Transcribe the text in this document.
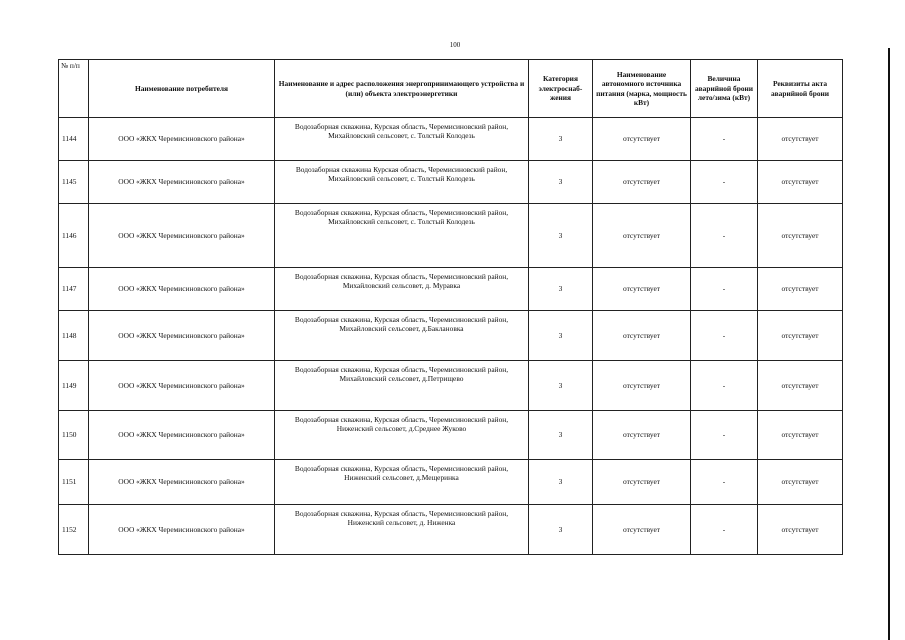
100
№ п/п	Наименование потребителя	Наименование и адрес расположения энергопринимающего устройства и (или) объекта электроэнергетики	Категория электроснаб-жения	Наименование автономного источника питания (марка, мощность кВт)	Величина аварийной брони лето/зима (кВт)	Реквизиты акта аварийной брони
1144	ООО «ЖКХ Черемисиновского района»	Водозаборная скважина, Курская область, Черемисиновский район, Михайловский сельсовет, с. Толстый Колодезь	3	отсутствует	-	отсутствует
1145	ООО «ЖКХ Черемисиновского района»	Водозаборная скважина Курская область, Черемисиновский район, Михайловский сельсовет, с. Толстый Колодезь	3	отсутствует	-	отсутствует
1146	ООО «ЖКХ Черемисиновского района»	Водозаборная скважина, Курская область, Черемисиновский район, Михайловский сельсовет, с. Толстый Колодезь	3	отсутствует	-	отсутствует
1147	ООО «ЖКХ Черемисиновского района»	Водозаборная скважина, Курская область, Черемисиновский район, Михайловский сельсовет, д. Муравка	3	отсутствует	-	отсутствует
1148	ООО «ЖКХ Черемисиновского района»	Водозаборная скважина, Курская область, Черемисиновский район, Михайловский сельсовет, д.Баклановка	3	отсутствует	-	отсутствует
1149	ООО «ЖКХ Черемисиновского района»	Водозаборная скважина, Курская область, Черемисиновский район, Михайловский сельсовет, д.Петрищево	3	отсутствует	-	отсутствует
1150	ООО «ЖКХ Черемисиновского района»	Водозаборная скважина, Курская область, Черемисиновский район, Ниженский сельсовет, д.Среднее Жуково	3	отсутствует	-	отсутствует
1151	ООО «ЖКХ Черемисиновского района»	Водозаборная скважина, Курская область, Черемисиновский район, Ниженский сельсовет, д.Мещеринка	3	отсутствует	-	отсутствует
1152	ООО «ЖКХ Черемисиновского района»	Водозаборная скважина, Курская область, Черемисиновский район, Ниженский сельсовет, д. Ниженка	3	отсутствует	-	отсутствует
